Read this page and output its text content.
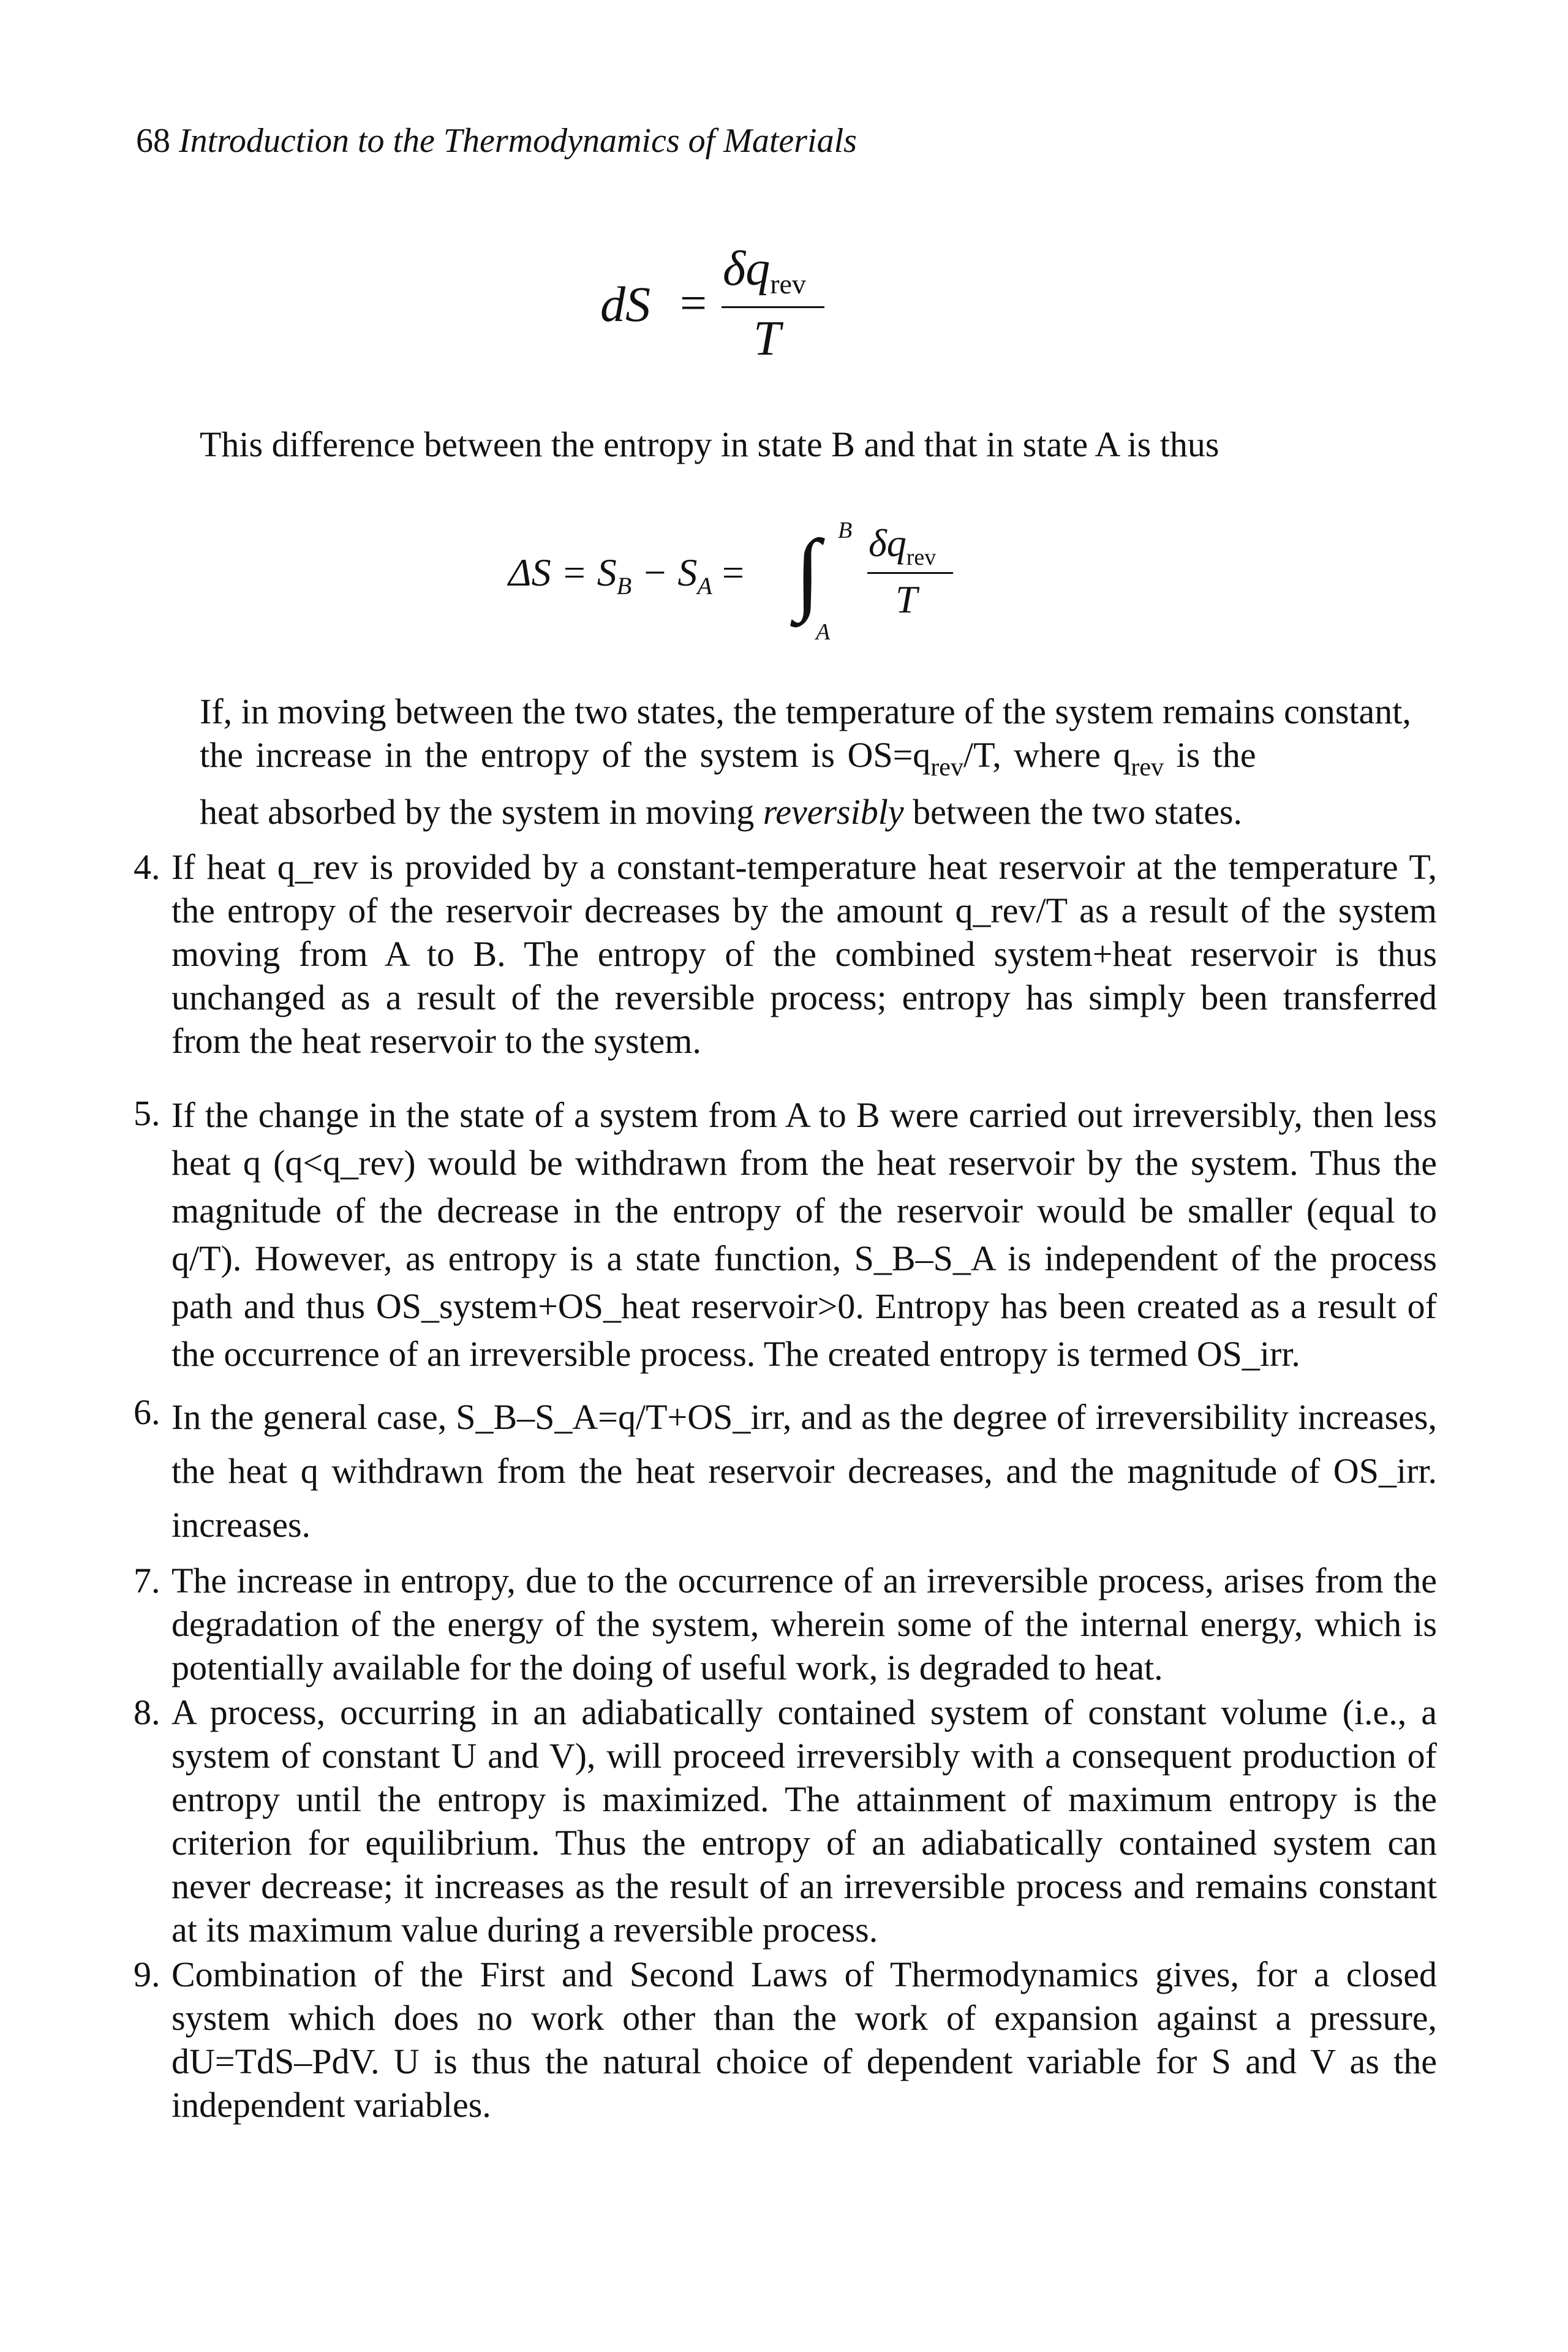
68 Introduction to the Thermodynamics of Materials
dS =
$\delta q_{rev}$
T
This difference between the entropy in state B and that in state A is thus
$\Delta S = S_B - S_A$ = ∫ B
A
$\delta q_{rev}$
T
If, in moving between the two states, the temperature of the system remains constant,
the increase in the entropy of the system is $OS=q_{rev}/T$, where $q_{rev}$ is the
heat absorbed by the system in moving reversibly between the two states.
4. If heat q_rev is provided by a constant-temperature heat reservoir at the temperature T, the entropy of the reservoir decreases by the amount q_rev/T as a result of the system moving from A to B. The entropy of the combined system+heat reservoir is thus unchanged as a result of the reversible process; entropy has simply been transferred from the heat reservoir to the system.
5. If the change in the state of a system from A to B were carried out irreversibly, then less heat q (q<q_rev) would be withdrawn from the heat reservoir by the system. Thus the magnitude of the decrease in the entropy of the reservoir would be smaller (equal to q/T). However, as entropy is a state function, S_B–S_A is independent of the process path and thus OS_system+OS_heat reservoir>0. Entropy has been created as a result of the occurrence of an irreversible process. The created entropy is termed OS_irr.
6. In the general case, S_B–S_A=q/T+OS_irr, and as the degree of irreversibility increases, the heat q withdrawn from the heat reservoir decreases, and the magnitude of OS_irr. increases.
7. The increase in entropy, due to the occurrence of an irreversible process, arises from the degradation of the energy of the system, wherein some of the internal energy, which is potentially available for the doing of useful work, is degraded to heat.
8. A process, occurring in an adiabatically contained system of constant volume (i.e., a system of constant U and V), will proceed irreversibly with a consequent production of entropy until the entropy is maximized. The attainment of maximum entropy is the criterion for equilibrium. Thus the entropy of an adiabatically contained system can never decrease; it increases as the result of an irreversible process and remains constant at its maximum value during a reversible process.
9. Combination of the First and Second Laws of Thermodynamics gives, for a closed system which does no work other than the work of expansion against a pressure, dU=TdS–PdV. U is thus the natural choice of dependent variable for S and V as the independent variables.
